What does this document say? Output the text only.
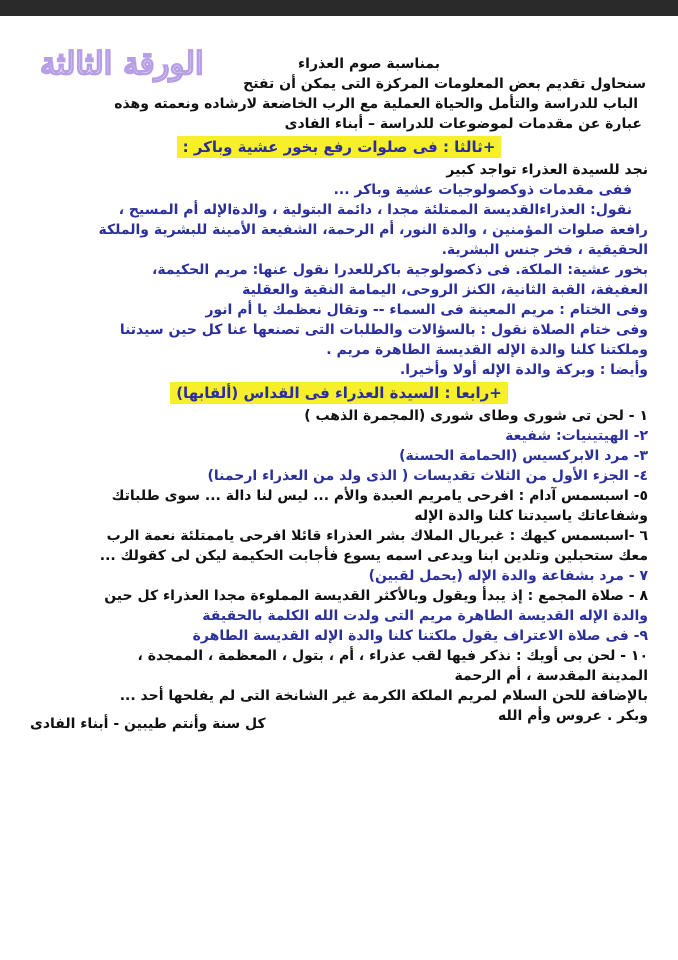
الورقة الثالثة	بمناسبة صوم العذراء
سنحاول تقديم بعض المعلومات المركزة التى يمكن أن تفتح
الباب للدراسة والتأمل والحياة العملية مع الرب الخاضعة لارشاده ونعمته وهذه
عبارة عن مقدمات لموضوعات للدراسة – أبناء الفادى
+ثالثا : فى صلوات رفع بخور عشية وباكر :
نجد للسيدة العذراء تواجد كبير
ففى مقدمات ذوكصولوجيات عشية وباكر ...
نقول: العذراءالقديسة الممتلئة مجدا ، دائمة البتولية ، والدةالإله أم المسيح ،
رافعة صلوات المؤمنين ، والدة النور، أم الرحمة، الشفيعة الأمينة للبشرية والملكة
الحقيقية ، فخر جنس البشرية.
بخور عشية: الملكة. فى ذكصولوجية باكرللعدرا نقول عنها: مريم الحكيمة،
العفيفة، القبة الثانية، الكنز الروحى، اليمامة النقية والعقلية
وفى الختام : مريم المعينة فى السماء -- وتقال نعظمك يا أم انور
وفى ختام الصلاة نقول : بالسؤالات والطلبات التى تصنعها عنا كل حين سيدتنا
وملكتنا كلنا والدة الإله القديسة الطاهرة مريم .
وأيضا : وبركة والدة الإله أولا وأخيرا.
+رابعا : السيدة العذراء فى القداس (ألقابها)
١ - لحن تى شورى وطاى شورى (المجمرة الذهب )
٢- الهيتينيات: شفيعة
٣- مرد الابركسيس (الحمامة الحسنة)
٤- الجزء الأول من الثلاث تقديسات ( الذى ولد من العذراء ارحمنا)
٥- اسبسمس آدام : افرحى يامريم العبدة والأم ... ليس لنا دالة ... سوى طلباتك
وشفاعاتك ياسيدتنا كلنا والدة الإله
٦ -اسبسمس كيهك : غبريال الملاك بشر العذراء قائلا افرحى ياممتلئة نعمة الرب
معك ستحبلين وتلدين ابنا ويدعى اسمه يسوع فأجابت الحكيمة ليكن لى كقولك ...
٧ - مرد بشفاعة والدة الإله (يحمل لقبين)
٨ - صلاة المجمع : إذ يبدأ ويقول وبالأكثر القديسة المملوءة مجدا العذراء كل حين
والدة الإله القديسة الطاهرة مريم التى ولدت الله الكلمة بالحقيقة
٩- فى صلاة الاعتراف يقول ملكتنا كلنا والدة الإله القديسة الطاهرة
١٠ - لحن بى أويك : نذكر فيها لقب عذراء ، أم ، بتول ، المعظمة ، الممجدة ،
المدينة المقدسة ، أم الرحمة
بالإضافة للحن السلام لمريم الملكة الكرمة غير الشانخة التى لم يفلحها أحد ...
وبكر . عروس وأم الله
كل سنة وأنتم طيبين - أبناء الفادى
